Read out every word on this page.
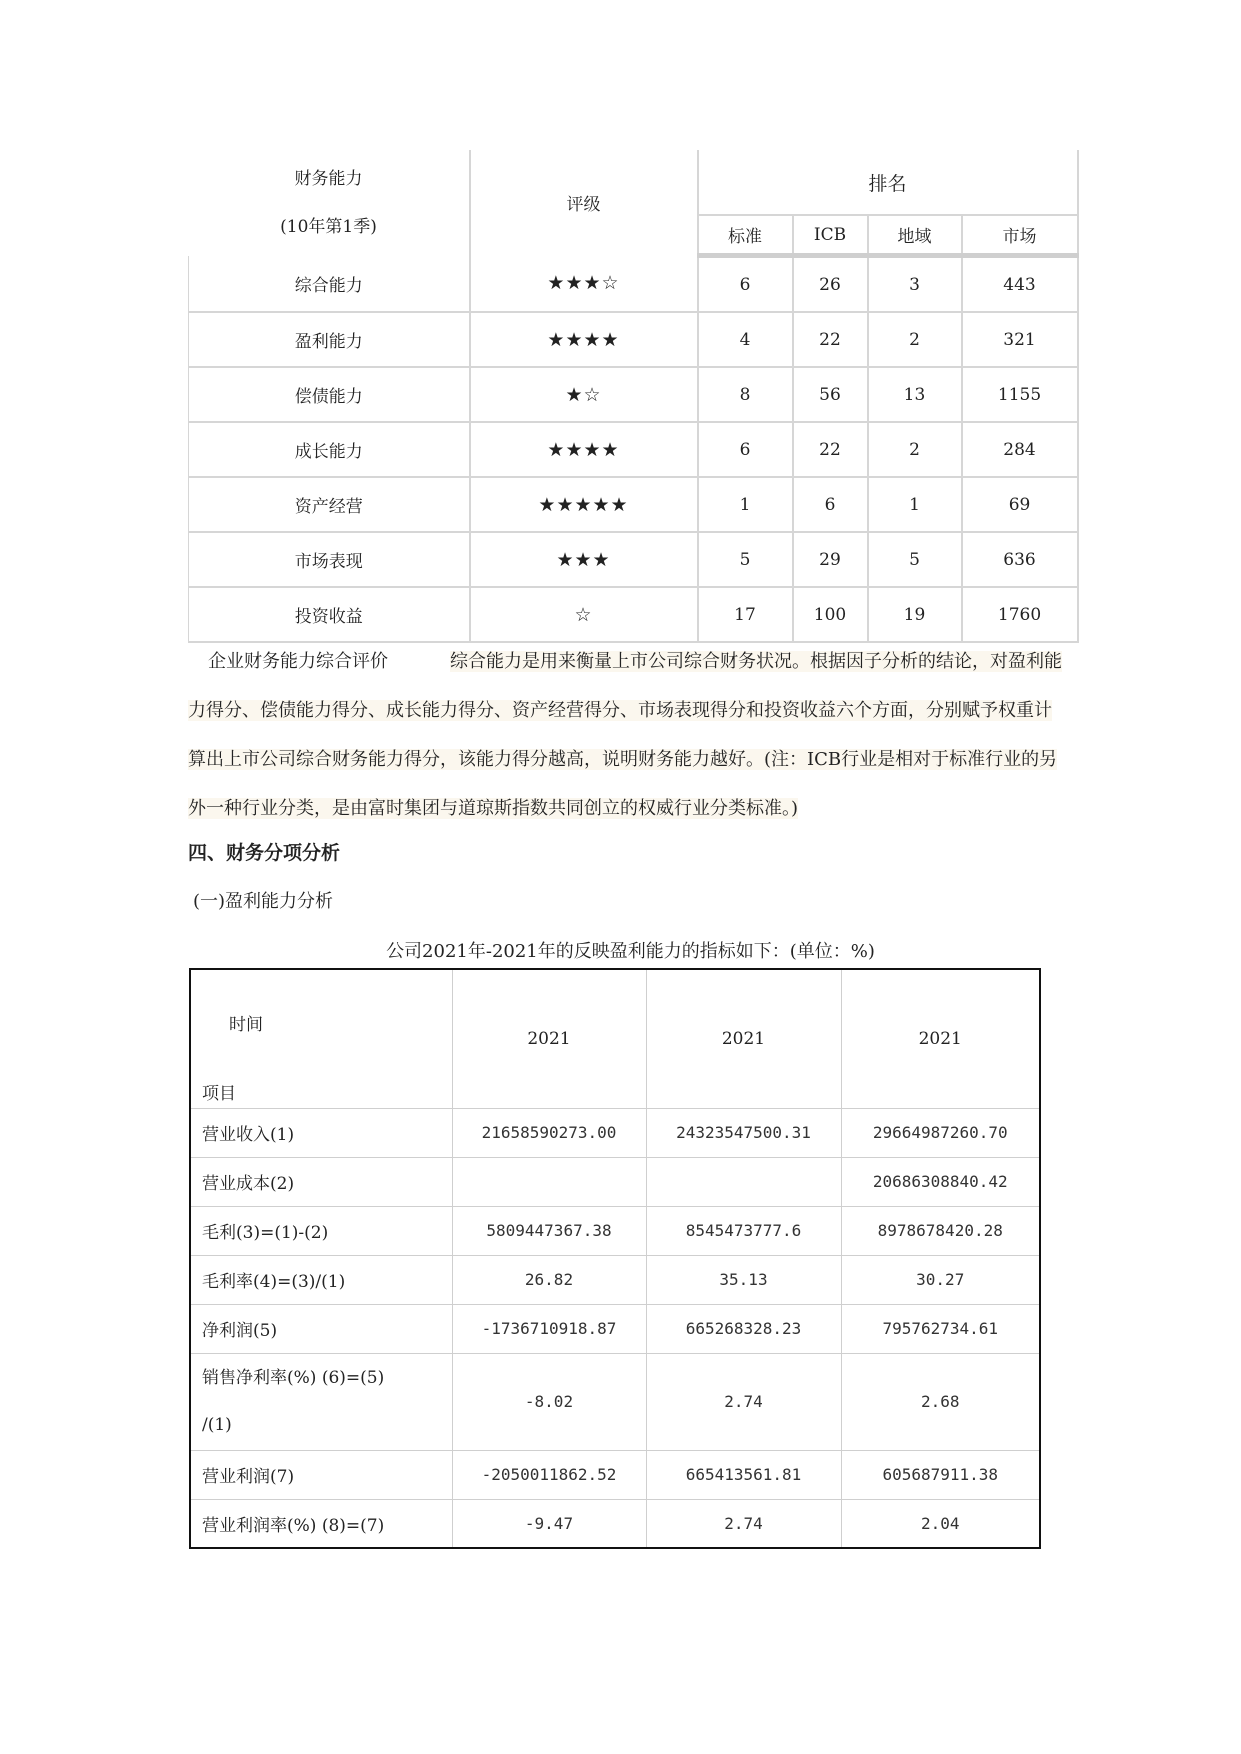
财务能力
(10年第1季)	评级	排名			
		标准	ICB	地域	市场
综合能力	★★★☆	6	26	3	443
盈利能力	★★★★	4	22	2	321
偿债能力	★☆	8	56	13	1155
成长能力	★★★★	6	22	2	284
资产经营	★★★★★	1	6	1	69
市场表现	★★★	5	29	5	636
投资收益	☆	17	100	19	1760
企业财务能力综合评价	综合能力是用来衡量上市公司综合财务状况。根据因子分析的结论，对盈利能力得分、偿债能力得分、成长能力得分、资产经营得分、市场表现得分和投资收益六个方面，分别赋予权重计算出上市公司综合财务能力得分，该能力得分越高，说明财务能力越好。(注：ICB行业是相对于标准行业的另外一种行业分类，是由富时集团与道琼斯指数共同创立的权威行业分类标准。)
四、财务分项分析
(一)盈利能力分析
公司2021年-2021年的反映盈利能力的指标如下：(单位：%)
时间
项目	2021	2021	2021
营业收入(1)	21658590273.00	24323547500.31	29664987260.70
营业成本(2)			20686308840.42
毛利(3)=(1)-(2)	5809447367.38	8545473777.6	8978678420.28
毛利率(4)=(3)/(1)	26.82	35.13	30.27
净利润(5)	-1736710918.87	665268328.23	795762734.61

销售净利率(%) (6)=(5)
/(1)	-8.02	2.74	2.68
营业利润(7)	-2050011862.52	665413561.81	605687911.38
营业利润率(%) (8)=(7)	-9.47	2.74	2.04
